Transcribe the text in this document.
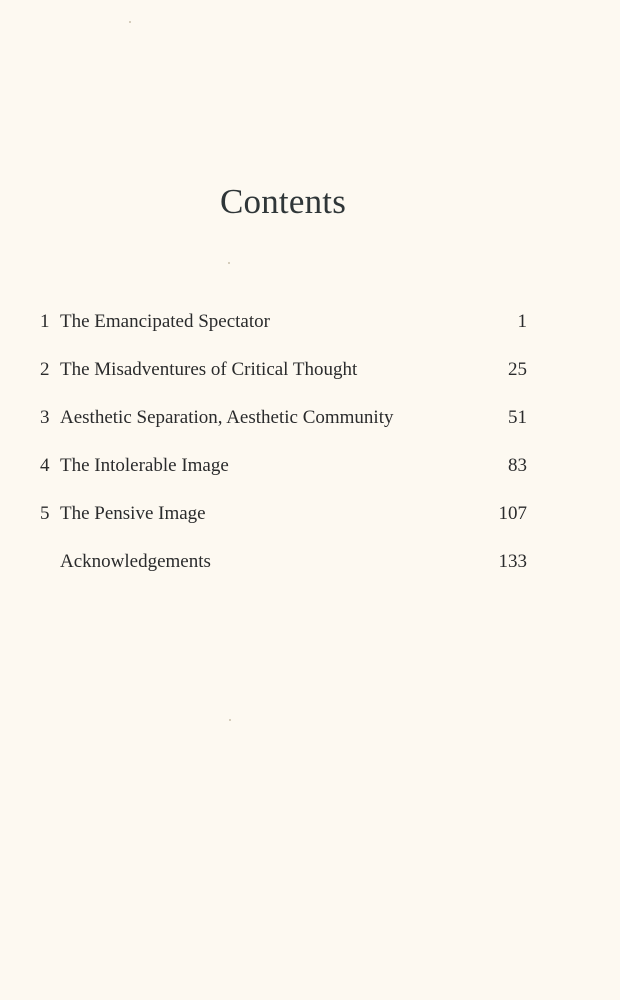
Contents
1 The Emancipated Spectator	1
2 The Misadventures of Critical Thought	25
3 Aesthetic Separation, Aesthetic Community	51
4 The Intolerable Image	83
5 The Pensive Image	107
Acknowledgements	133
